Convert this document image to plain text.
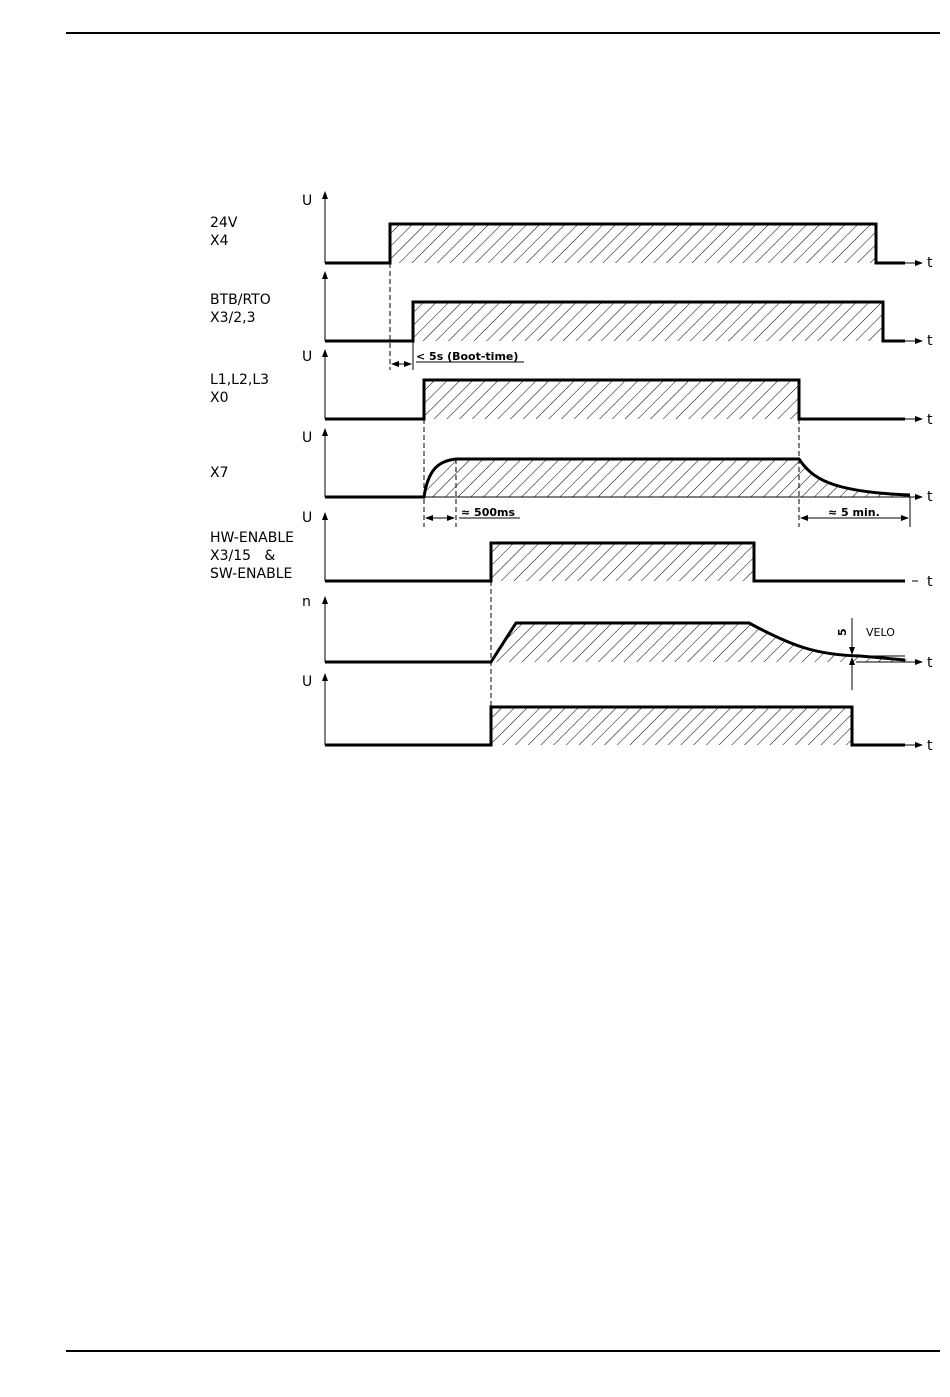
24V
X4
U
t
BTB/RTO
X3/2,3
t
< 5s (Boot-time)
L1,L2,L3
X0
U
t
X7
U
t
≈ 500ms	≈ 5 min.
HW-ENABLE
X3/15   &
SW-ENABLE
U
t
n
t
5 VELO
U
t
